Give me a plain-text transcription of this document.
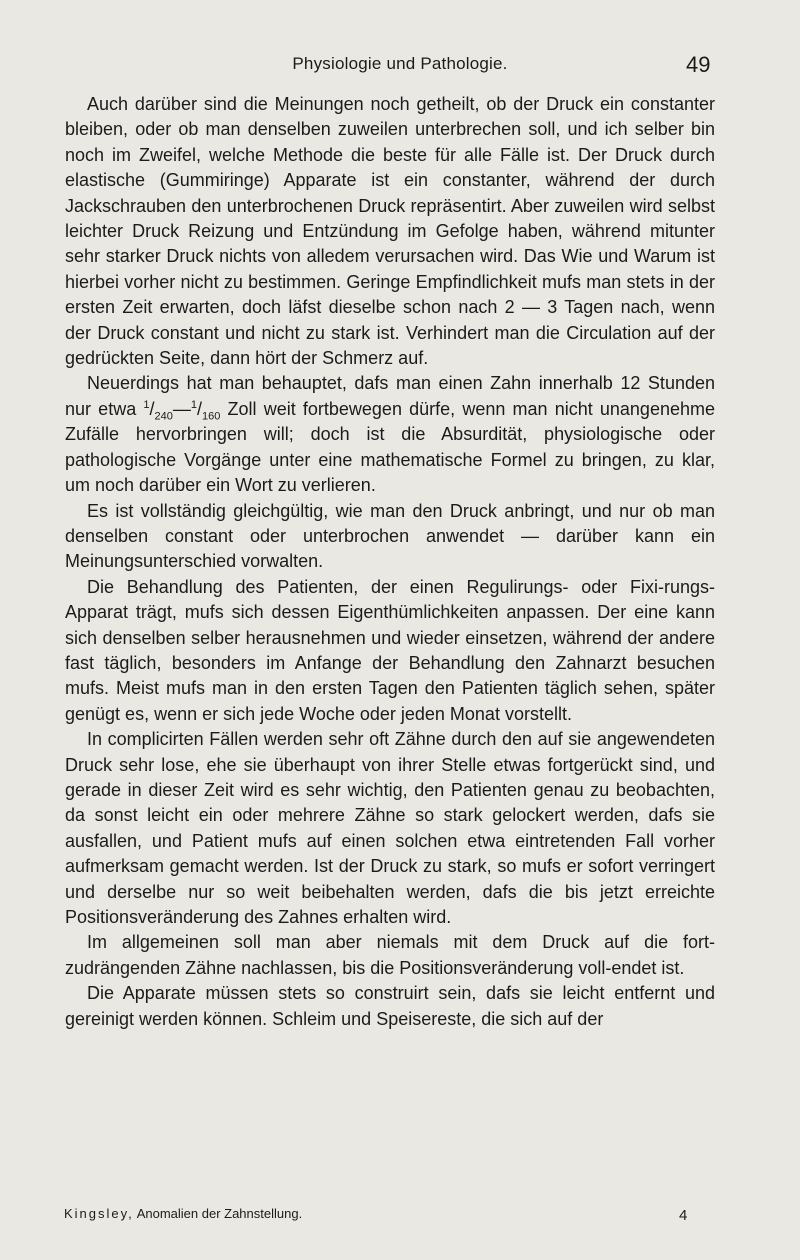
Physiologie und Pathologie.	49

Auch darüber sind die Meinungen noch getheilt, ob der Druck ein constanter bleiben, oder ob man denselben zuweilen unterbrechen soll, und ich selber bin noch im Zweifel, welche Methode die beste für alle Fälle ist. Der Druck durch elastische (Gummiringe) Apparate ist ein constanter, während der durch Jackschrauben den unterbrochenen Druck repräsentirt. Aber zuweilen wird selbst leichter Druck Reizung und Entzündung im Gefolge haben, während mitunter sehr starker Druck nichts von alledem verursachen wird. Das Wie und Warum ist hierbei vorher nicht zu bestimmen. Geringe Empfindlichkeit mufs man stets in der ersten Zeit erwarten, doch läfst dieselbe schon nach 2 — 3 Tagen nach, wenn der Druck constant und nicht zu stark ist. Verhindert man die Circulation auf der gedrückten Seite, dann hört der Schmerz auf.

Neuerdings hat man behauptet, dafs man einen Zahn innerhalb 12 Stunden nur etwa $^1/_{240}—^1/_{160}$ Zoll weit fortbewegen dürfe, wenn man nicht unangenehme Zufälle hervorbringen will; doch ist die Absurdität, physiologische oder pathologische Vorgänge unter eine mathematische Formel zu bringen, zu klar, um noch darüber ein Wort zu verlieren.

Es ist vollständig gleichgültig, wie man den Druck anbringt, und nur ob man denselben constant oder unterbrochen anwendet — darüber kann ein Meinungsunterschied vorwalten.

Die Behandlung des Patienten, der einen Regulirungs- oder Fixi-rungs-Apparat trägt, mufs sich dessen Eigenthümlichkeiten anpassen. Der eine kann sich denselben selber herausnehmen und wieder einsetzen, während der andere fast täglich, besonders im Anfange der Behandlung den Zahnarzt besuchen mufs. Meist mufs man in den ersten Tagen den Patienten täglich sehen, später genügt es, wenn er sich jede Woche oder jeden Monat vorstellt.

In complicirten Fällen werden sehr oft Zähne durch den auf sie angewendeten Druck sehr lose, ehe sie überhaupt von ihrer Stelle etwas fortgerückt sind, und gerade in dieser Zeit wird es sehr wichtig, den Patienten genau zu beobachten, da sonst leicht ein oder mehrere Zähne so stark gelockert werden, dafs sie ausfallen, und Patient mufs auf einen solchen etwa eintretenden Fall vorher aufmerksam gemacht werden. Ist der Druck zu stark, so mufs er sofort verringert und derselbe nur so weit beibehalten werden, dafs die bis jetzt erreichte Positionsveränderung des Zahnes erhalten wird.

Im allgemeinen soll man aber niemals mit dem Druck auf die fort-zudrängenden Zähne nachlassen, bis die Positionsveränderung voll-endet ist.

Die Apparate müssen stets so construirt sein, dafs sie leicht entfernt und gereinigt werden können. Schleim und Speisereste, die sich auf der

Kingsley, Anomalien der Zahnstellung.	4
